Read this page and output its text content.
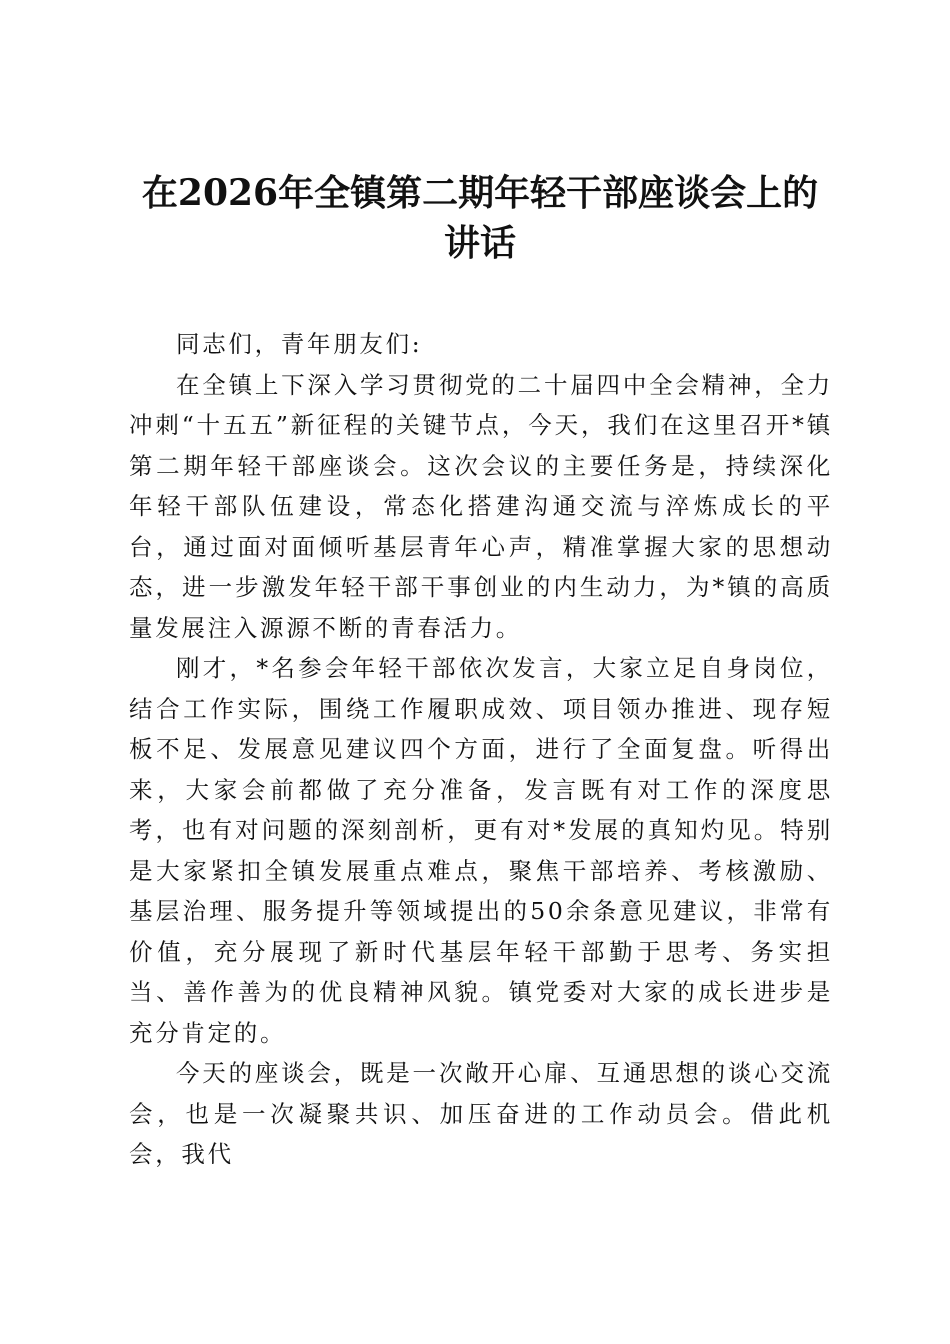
在2026年全镇第二期年轻干部座谈会上的讲话

同志们，青年朋友们:

在全镇上下深入学习贯彻党的二十届四中全会精神，全力冲刺“十五五”新征程的关键节点，今天，我们在这里召开*镇第二期年轻干部座谈会。这次会议的主要任务是，持续深化年轻干部队伍建设，常态化搭建沟通交流与淬炼成长的平台，通过面对面倾听基层青年心声，精准掌握大家的思想动态，进一步激发年轻干部干事创业的内生动力，为*镇的高质量发展注入源源不断的青春活力。

刚才，*名参会年轻干部依次发言，大家立足自身岗位，结合工作实际，围绕工作履职成效、项目领办推进、现存短板不足、发展意见建议四个方面，进行了全面复盘。听得出来，大家会前都做了充分准备，发言既有对工作的深度思考，也有对问题的深刻剖析，更有对*发展的真知灼见。特别是大家紧扣全镇发展重点难点，聚焦干部培养、考核激励、基层治理、服务提升等领域提出的50余条意见建议，非常有价值，充分展现了新时代基层年轻干部勤于思考、务实担当、善作善为的优良精神风貌。镇党委对大家的成长进步是充分肯定的。

今天的座谈会，既是一次敞开心扉、互通思想的谈心交流会，也是一次凝聚共识、加压奋进的工作动员会。借此机会，我代
